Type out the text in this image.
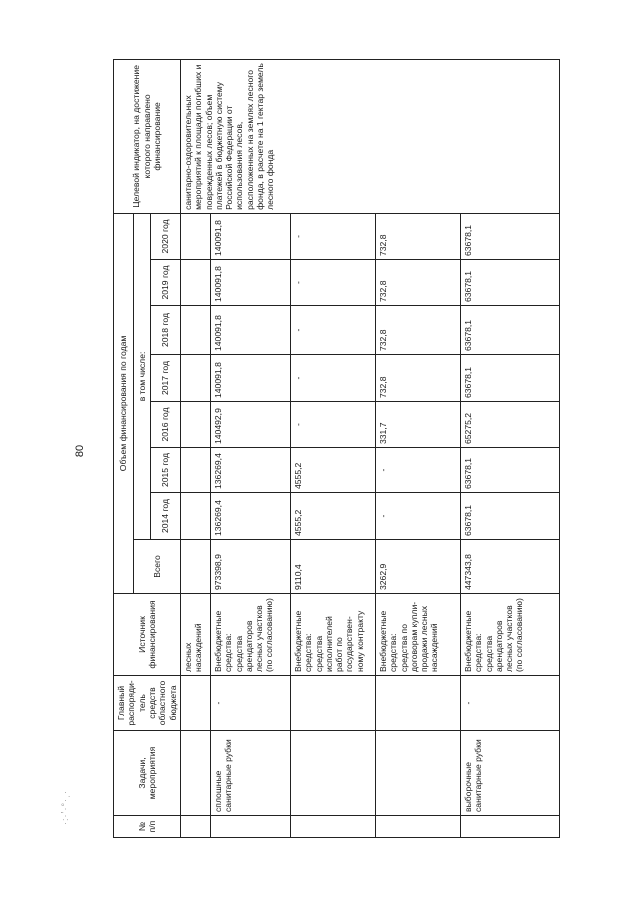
80
·:·ʼ·°·ˌ·
№ п/п	Задачи, мероприятия	Главный распоряди-тель средств областного бюджета	Источник финансирования	Объем финансирования по годам								Целевой индикатор, на достижение которого направлено финансирование
				Всего	в том числе:							
					2014 год	2015 год	2016 год	2017 год	2018 год	2019 год	2020 год	
			лесных насаждений									санитарно-оздоровительных мероприятий к площади погибших и поврежденных лесов; объем платежей в бюджетную систему Российской Федерации от использования лесов, расположенных на землях лесного фонда, в расчете на 1 гектар земель лесного фонда
	сплошные санитарные рубки	-	Внебюджетные средства: средства арендаторов лесных участков (по согласованию)	973398,9	136269,4	136269,4	140492,9	140091,8	140091,8	140091,8	140091,8	
			Внебюджетные средства: средства исполнителей работ по государствен-ному контракту	9110,4	4555,2	4555,2	-	-	-	-	-	
			Внебюджетные средства: средства по договорам купли-продажи лесных насаждений	3262,9	-	-	331,7	732,8	732,8	732,8	732,8	
	выборочные санитарные рубки	-	Внебюджетные средства: средства арендаторов лесных участков (по согласованию)	447343,8	63678,1	63678,1	65275,2	63678,1	63678,1	63678,1	63678,1	
